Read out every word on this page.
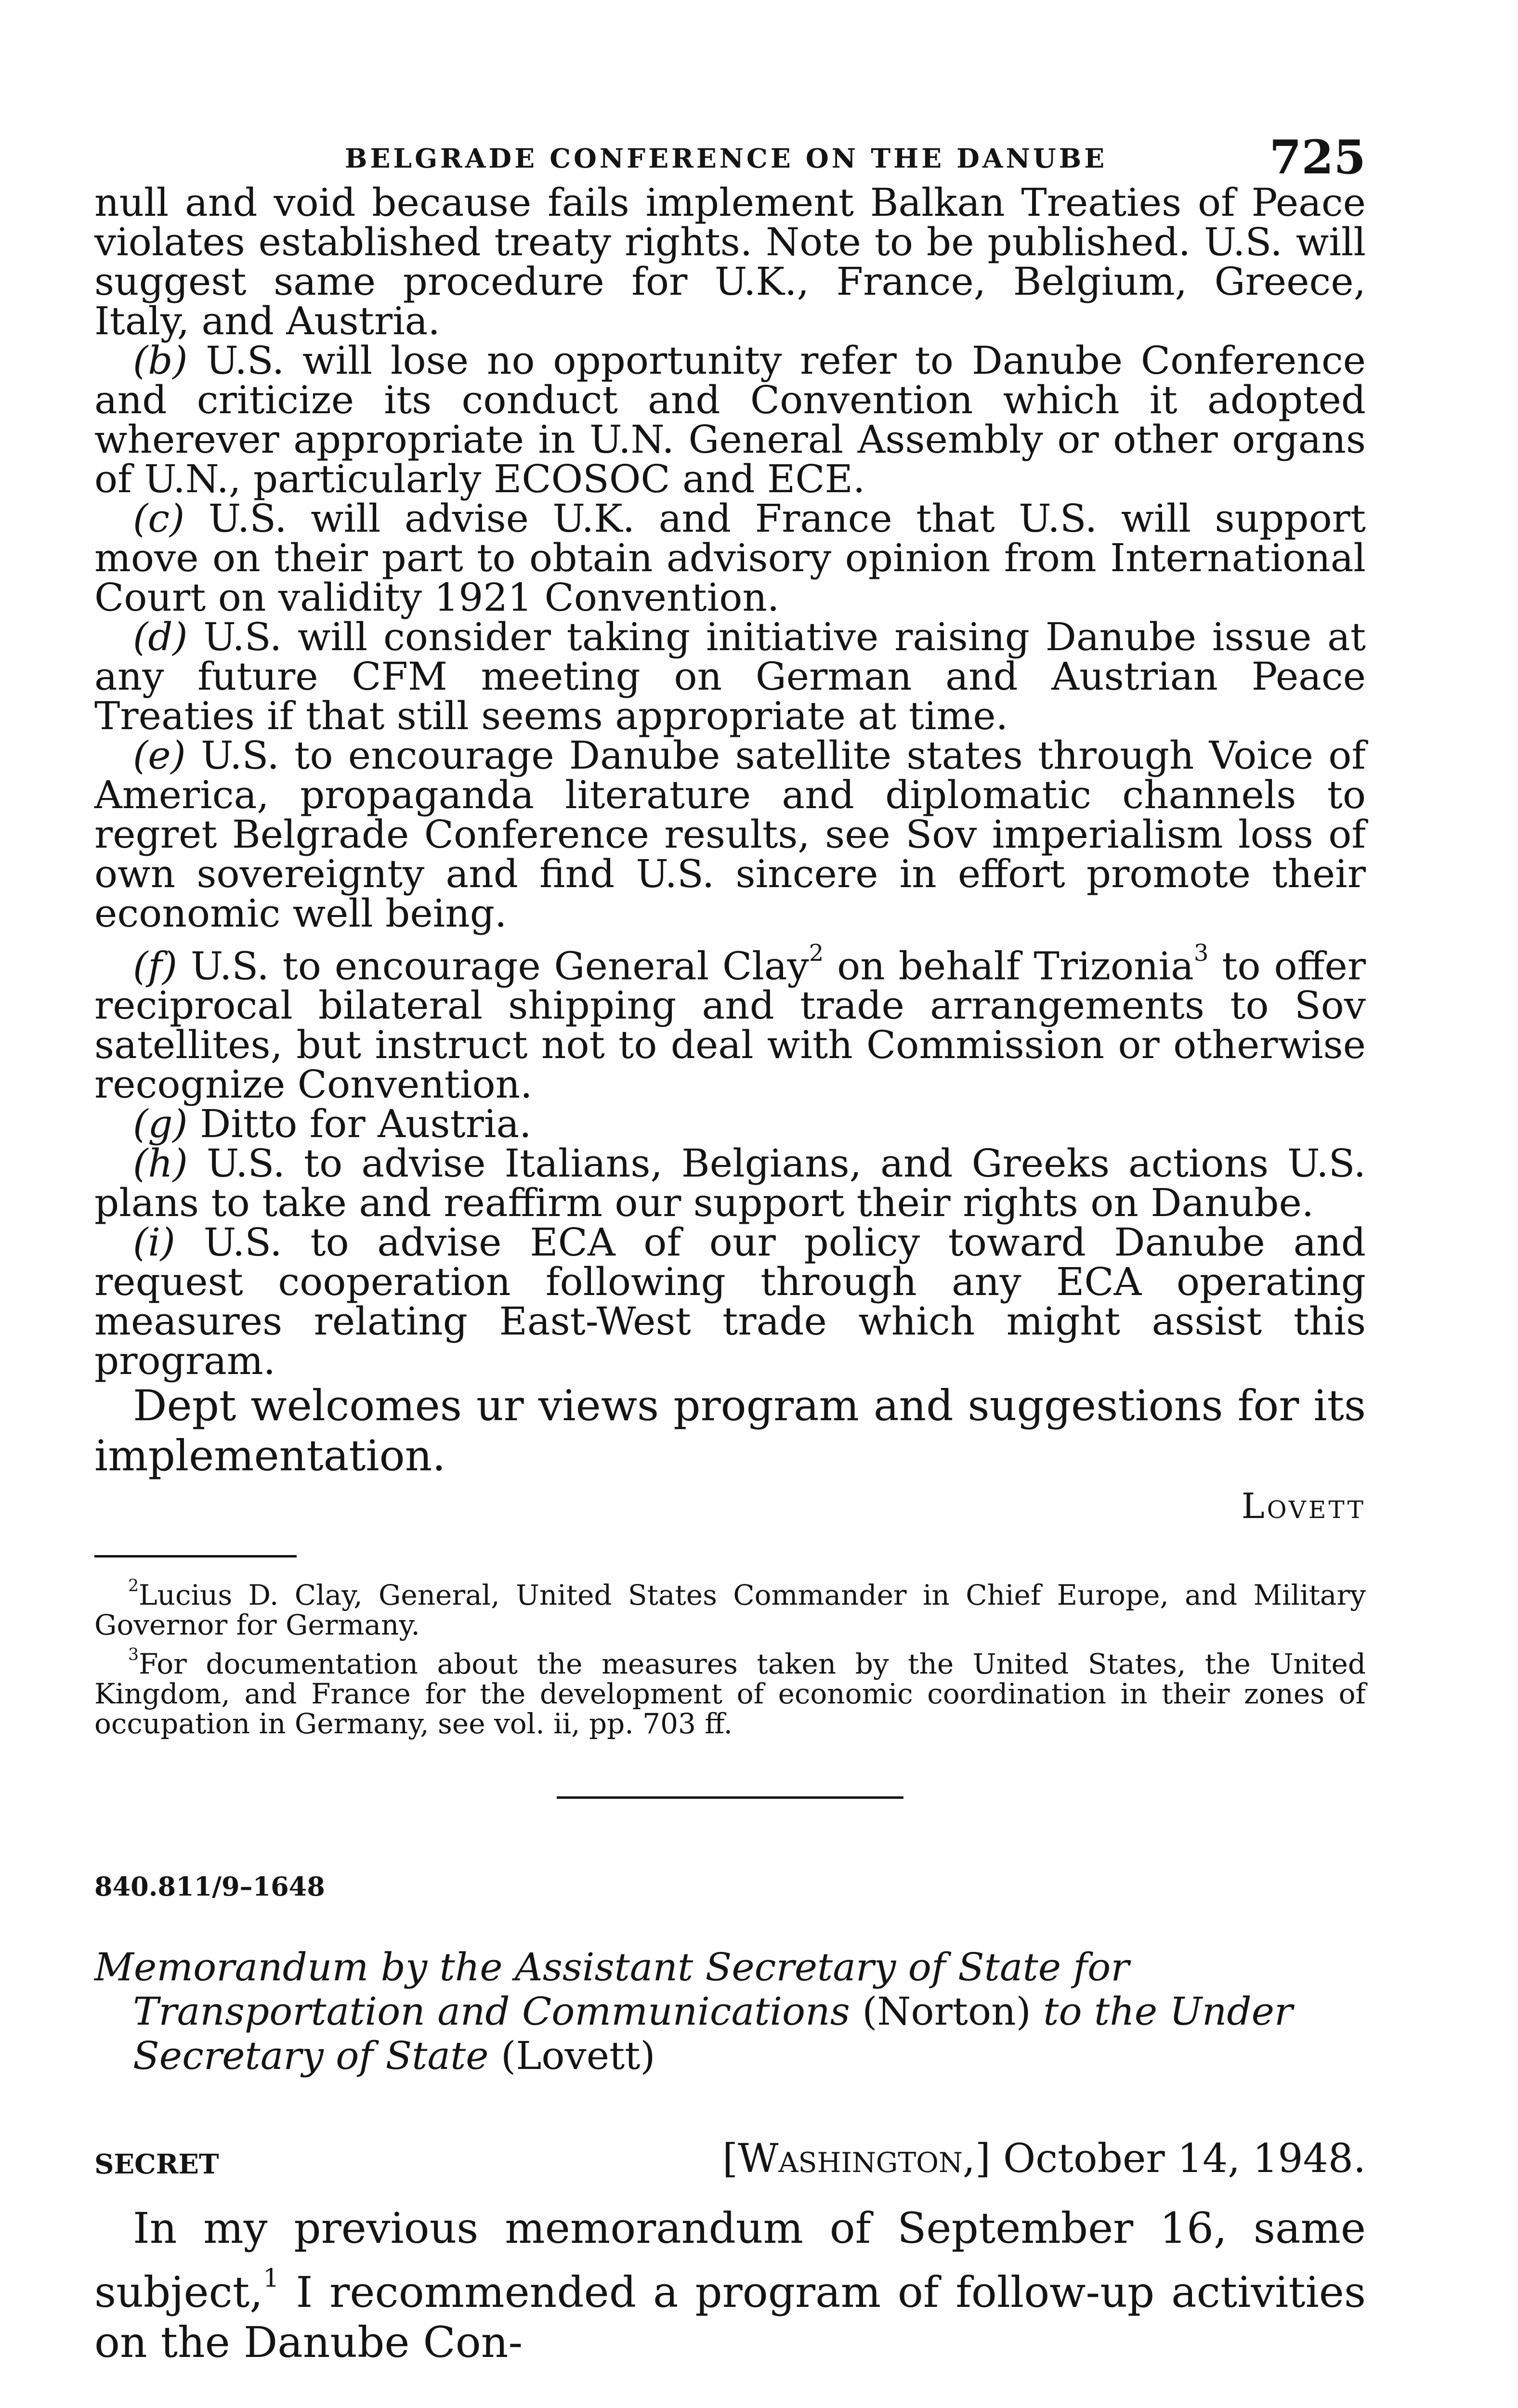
BELGRADE CONFERENCE ON THE DANUBE	725

null and void because fails implement Balkan Treaties of Peace violates established treaty rights. Note to be published. U.S. will suggest same procedure for U.K., France, Belgium, Greece, Italy, and Austria.

(b) U.S. will lose no opportunity refer to Danube Conference and criticize its conduct and Convention which it adopted wherever appropriate in U.N. General Assembly or other organs of U.N., particularly ECOSOC and ECE.

(c) U.S. will advise U.K. and France that U.S. will support move on their part to obtain advisory opinion from International Court on validity 1921 Convention.

(d) U.S. will consider taking initiative raising Danube issue at any future CFM meeting on German and Austrian Peace Treaties if that still seems appropriate at time.

(e) U.S. to encourage Danube satellite states through Voice of America, propaganda literature and diplomatic channels to regret Belgrade Conference results, see Sov imperialism loss of own sovereignty and find U.S. sincere in effort promote their economic well being.

(f) U.S. to encourage General Clay$^2$ on behalf Trizonia$^3$ to offer reciprocal bilateral shipping and trade arrangements to Sov satellites, but instruct not to deal with Commission or otherwise recognize Convention.

(g) Ditto for Austria.

(h) U.S. to advise Italians, Belgians, and Greeks actions U.S. plans to take and reaffirm our support their rights on Danube.

(i) U.S. to advise ECA of our policy toward Danube and request cooperation following through any ECA operating measures relating East-West trade which might assist this program.

Dept welcomes ur views program and suggestions for its implementation.

Lovett

$^2$Lucius D. Clay, General, United States Commander in Chief Europe, and Military Governor for Germany.

$^3$For documentation about the measures taken by the United States, the United Kingdom, and France for the development of economic coordination in their zones of occupation in Germany, see vol. ii, pp. 703 ff.

840.811/9–1648
Memorandum by the Assistant Secretary of State for Transportation and Communications (Norton) to the Under Secretary of State (Lovett)
SECRET	[Washington,] October 14, 1948.

In my previous memorandum of September 16, same subject,$^1$ I recommended a program of follow-up activities on the Danube Con-
